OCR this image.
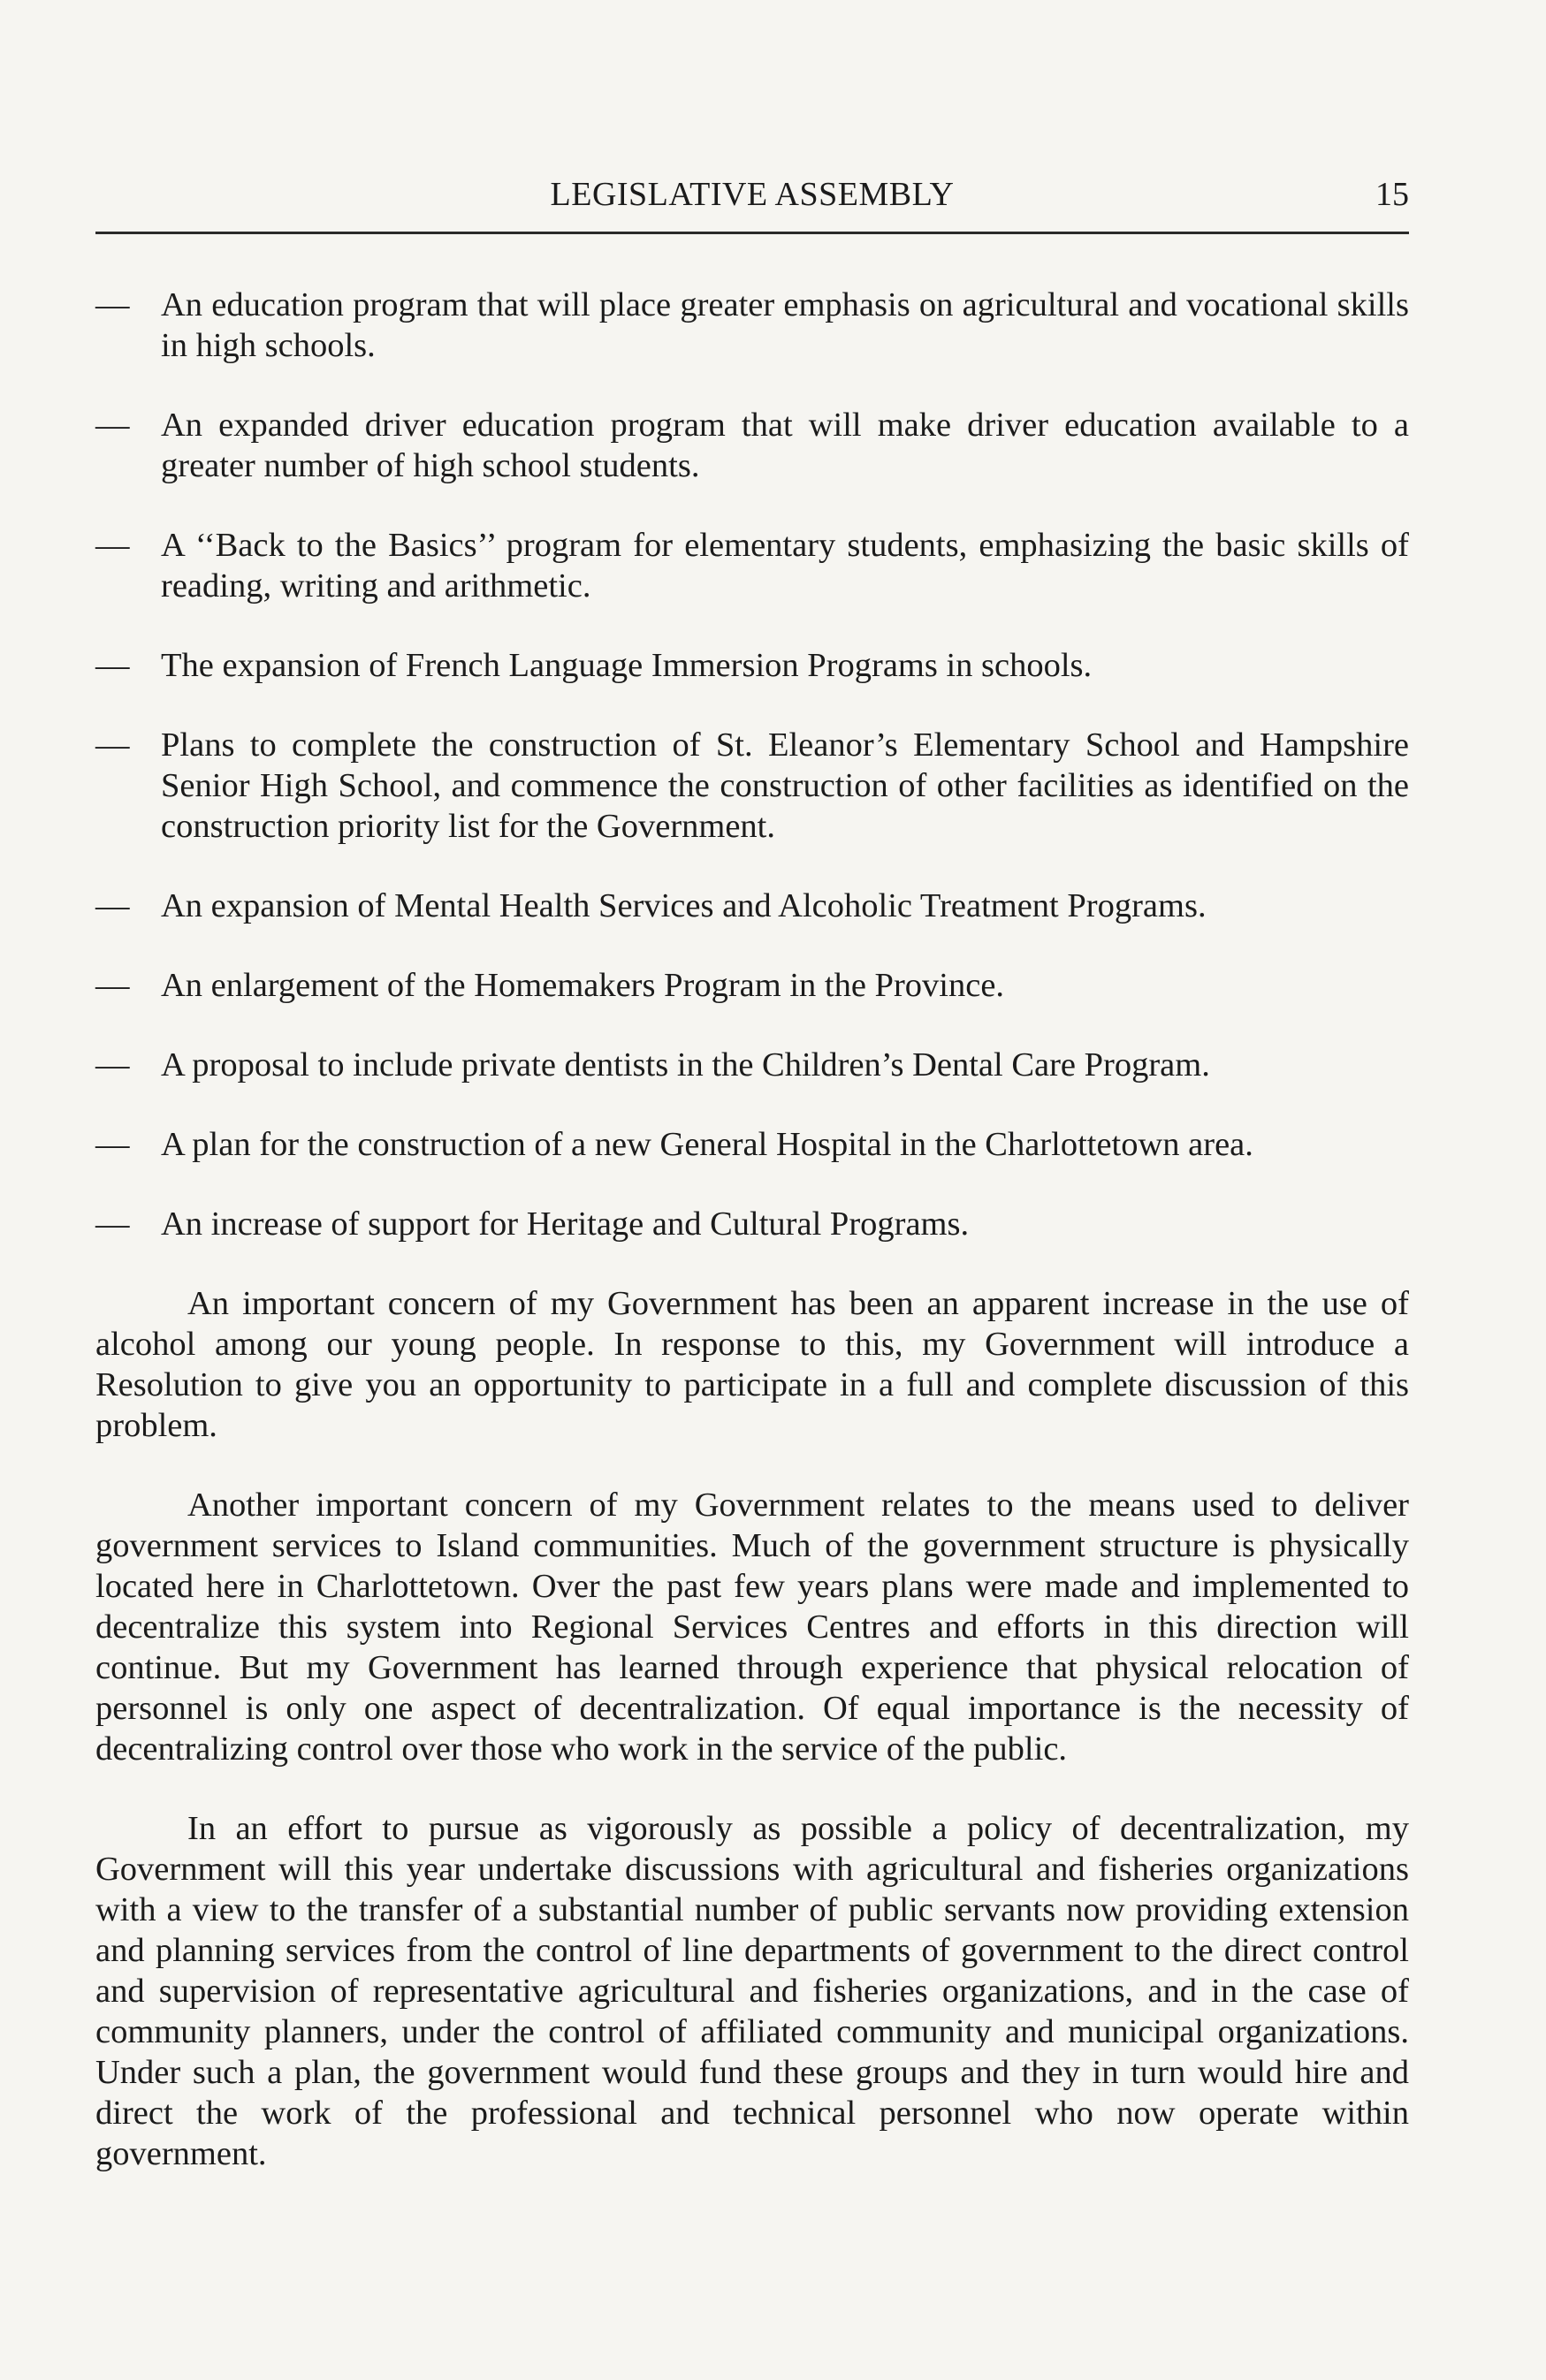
LEGISLATIVE ASSEMBLY	15
— An education program that will place greater emphasis on agricultural and vocational skills in high schools.
— An expanded driver education program that will make driver education available to a greater number of high school students.
— A ‘‘Back to the Basics’’ program for elementary students, emphasizing the basic skills of reading, writing and arithmetic.
— The expansion of French Language Immersion Programs in schools.
— Plans to complete the construction of St. Eleanor’s Elementary School and Hampshire Senior High School, and commence the construction of other facilities as identified on the construction priority list for the Government.
— An expansion of Mental Health Services and Alcoholic Treatment Programs.
— An enlargement of the Homemakers Program in the Province.
— A proposal to include private dentists in the Children’s Dental Care Program.
— A plan for the construction of a new General Hospital in the Charlottetown area.
— An increase of support for Heritage and Cultural Programs.

An important concern of my Government has been an apparent increase in the use of alcohol among our young people. In response to this, my Government will introduce a Resolution to give you an opportunity to participate in a full and complete discussion of this problem.

Another important concern of my Government relates to the means used to deliver government services to Island communities. Much of the government structure is physically located here in Charlottetown. Over the past few years plans were made and implemented to decentralize this system into Regional Services Centres and efforts in this direction will continue. But my Government has learned through experience that physical relocation of personnel is only one aspect of decentralization. Of equal importance is the necessity of decentralizing control over those who work in the service of the public.

In an effort to pursue as vigorously as possible a policy of decentralization, my Government will this year undertake discussions with agricultural and fisheries organizations with a view to the transfer of a substantial number of public servants now providing extension and planning services from the control of line departments of government to the direct control and supervision of representative agricultural and fisheries organizations, and in the case of community planners, under the control of affiliated community and municipal organizations. Under such a plan, the government would fund these groups and they in turn would hire and direct the work of the professional and technical personnel who now operate within government.
